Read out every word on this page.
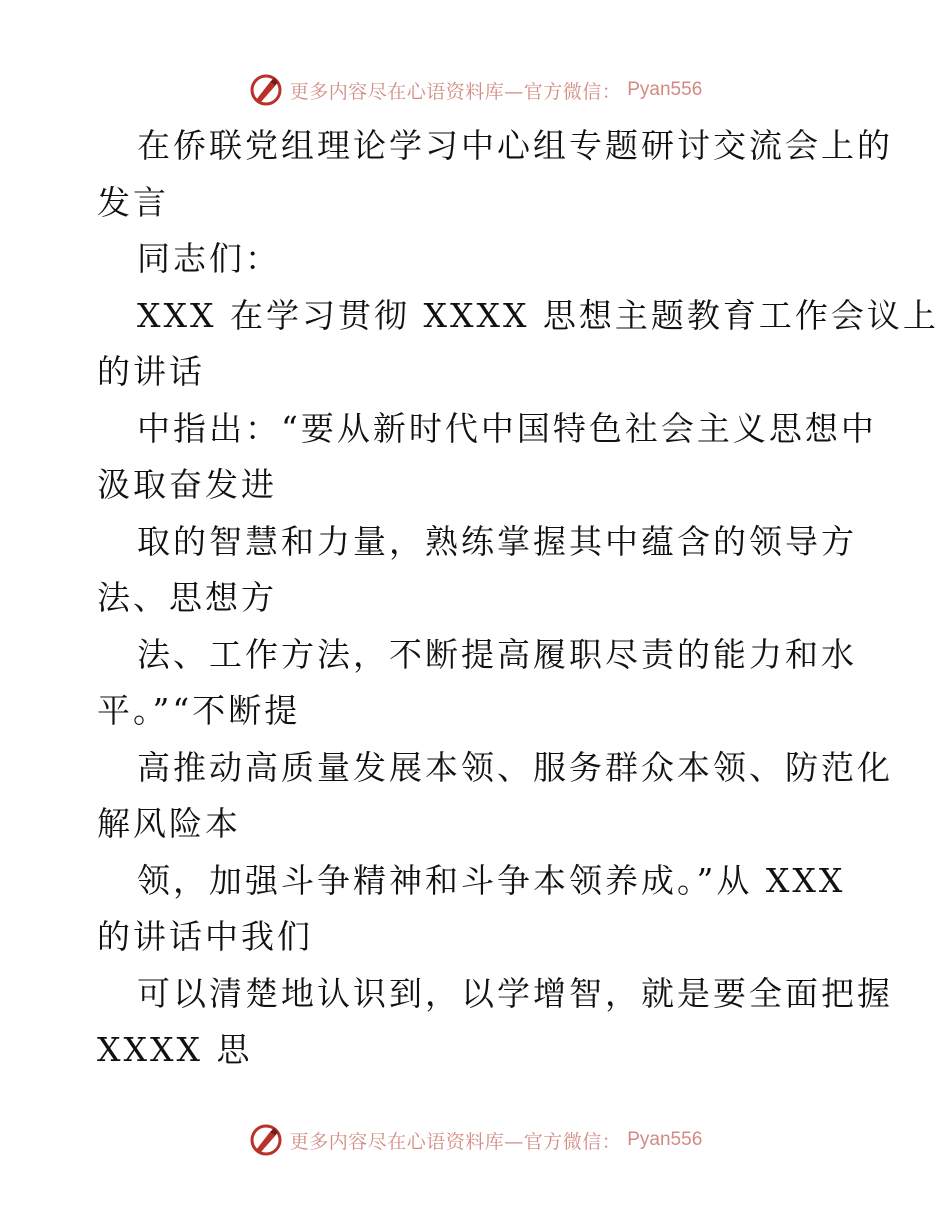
更多内容尽在心语资料库—官方微信： Pyan556
在侨联党组理论学习中心组专题研讨交流会上的
发言
同志们：
XXX 在学习贯彻 XXXX 思想主题教育工作会议上
的讲话
中指出：“要从新时代中国特色社会主义思想中
汲取奋发进
取的智慧和力量，熟练掌握其中蕴含的领导方
法、思想方
法、工作方法，不断提高履职尽责的能力和水
平。”“不断提
高推动高质量发展本领、服务群众本领、防范化
解风险本
领，加强斗争精神和斗争本领养成。”从 XXX
的讲话中我们
可以清楚地认识到，以学增智，就是要全面把握
XXXX 思
更多内容尽在心语资料库—官方微信： Pyan556
